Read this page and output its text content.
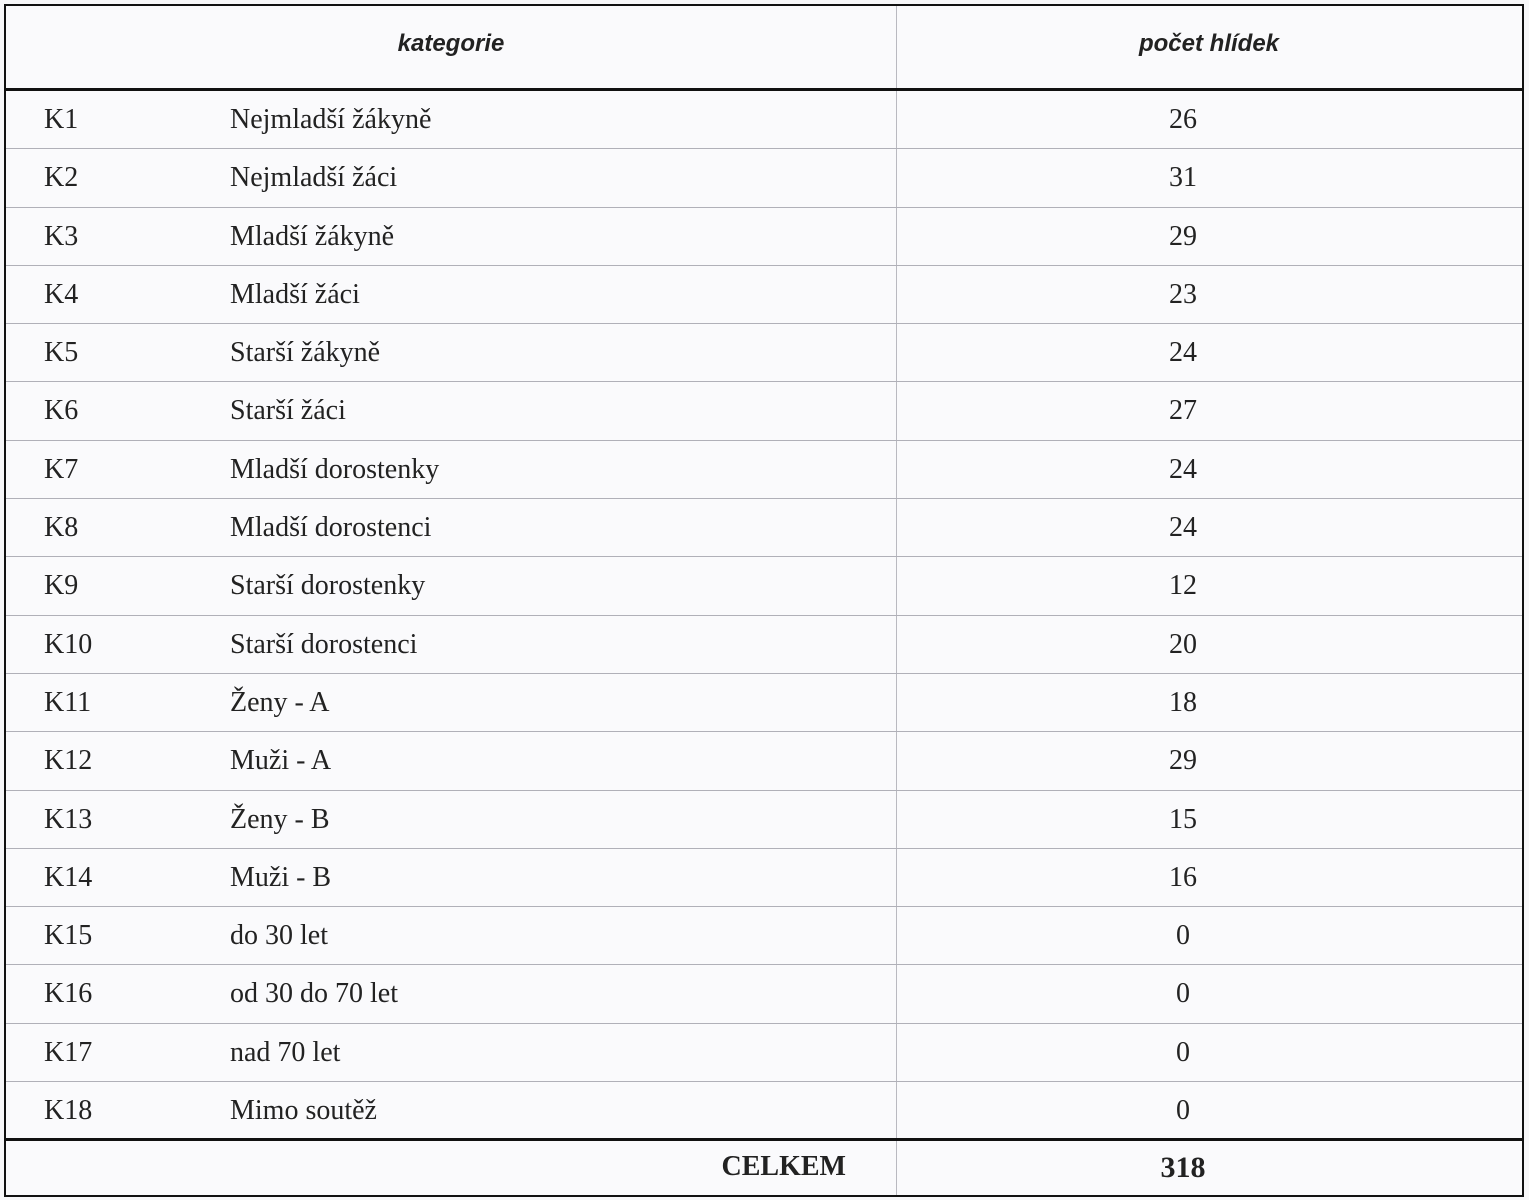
kategorie	počet hlídek
K1	Nejmladší žákyně	26
K2	Nejmladší žáci	31
K3	Mladší žákyně	29
K4	Mladší žáci	23
K5	Starší žákyně	24
K6	Starší žáci	27
K7	Mladší dorostenky	24
K8	Mladší dorostenci	24
K9	Starší dorostenky	12
K10	Starší dorostenci	20
K11	Ženy - A	18
K12	Muži - A	29
K13	Ženy - B	15
K14	Muži - B	16
K15	do 30 let	0
K16	od 30 do 70 let	0
K17	nad 70 let	0
K18	Mimo soutěž	0
CELKEM	318
